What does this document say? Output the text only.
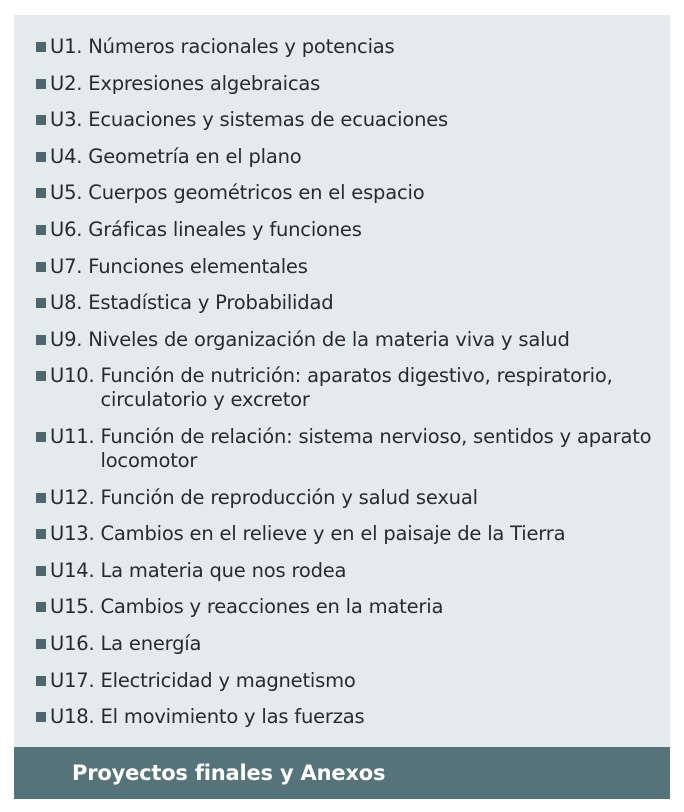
U1. Números racionales y potencias
U2. Expresiones algebraicas
U3. Ecuaciones y sistemas de ecuaciones
U4. Geometría en el plano
U5. Cuerpos geométricos en el espacio
U6. Gráficas lineales y funciones
U7. Funciones elementales
U8. Estadística y Probabilidad
U9. Niveles de organización de la materia viva y salud
U10. Función de nutrición: aparatos digestivo, respiratorio, circulatorio y excretor
U11. Función de relación: sistema nervioso, sentidos y aparato locomotor
U12. Función de reproducción y salud sexual
U13. Cambios en el relieve y en el paisaje de la Tierra
U14. La materia que nos rodea
U15. Cambios y reacciones en la materia
U16. La energía
U17. Electricidad y magnetismo
U18. El movimiento y las fuerzas
Proyectos finales y Anexos
